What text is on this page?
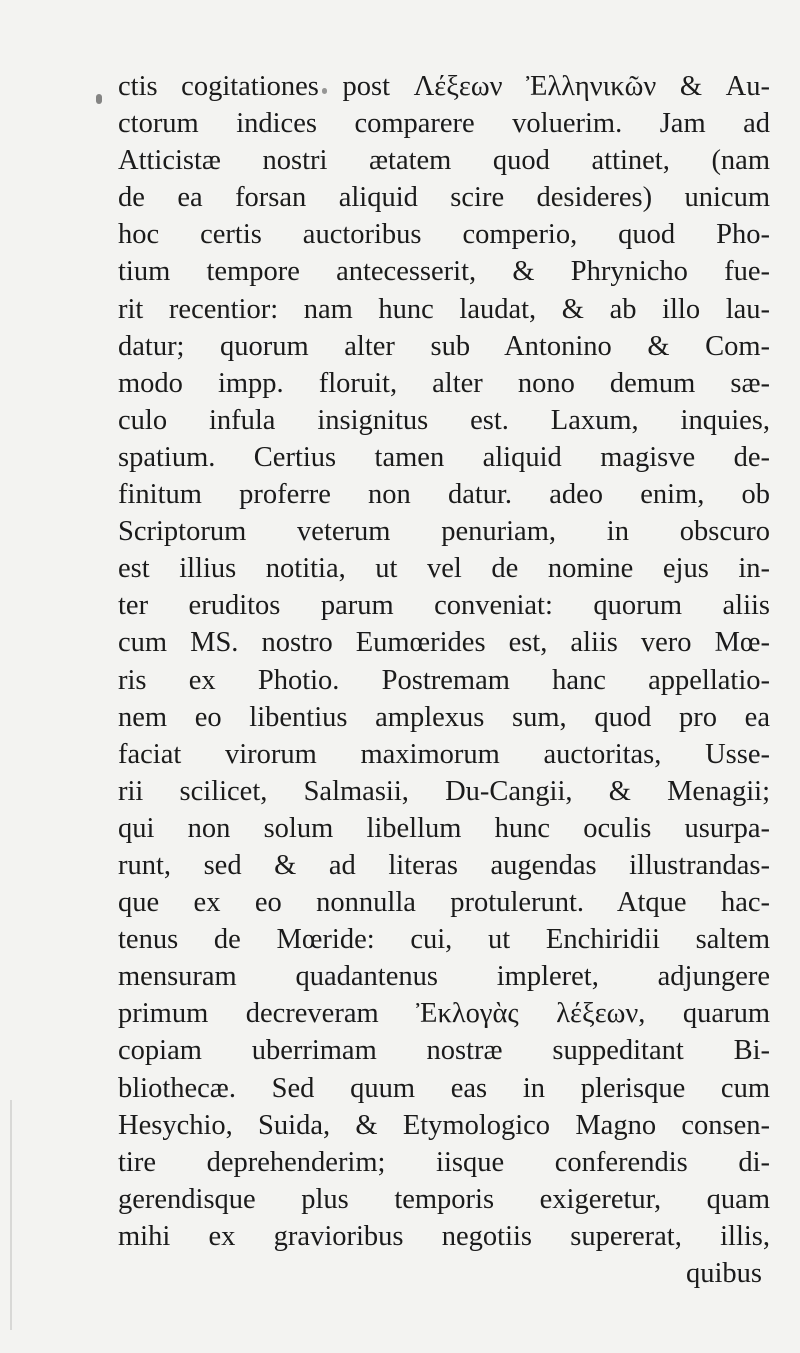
ctis cogitationes post Λέξεων Ἐλληνικῶν & Au-
ctorum indices comparere voluerim. Jam ad
Atticistæ nostri ætatem quod attinet, (nam
de ea forsan aliquid scire desideres) unicum
hoc certis auctoribus comperio, quod Pho-
tium tempore antecesserit, & Phrynicho fue-
rit recentior: nam hunc laudat, & ab illo lau-
datur; quorum alter sub Antonino & Com-
modo impp. floruit, alter nono demum sæ-
culo infula insignitus est. Laxum, inquies,
spatium. Certius tamen aliquid magisve de-
finitum proferre non datur. adeo enim, ob
Scriptorum veterum penuriam, in obscuro
est illius notitia, ut vel de nomine ejus in-
ter eruditos parum conveniat: quorum aliis
cum MS. nostro Eumœrides est, aliis vero Μœ-
ris ex Photio. Postremam hanc appellatio-
nem eo libentius amplexus sum, quod pro ea
faciat virorum maximorum auctoritas, Usse-
rii scilicet, Salmasii, Du-Cangii, & Menagii;
qui non solum libellum hunc oculis usurpa-
runt, sed & ad literas augendas illustrandas-
que ex eo nonnulla protulerunt. Atque hac-
tenus de Mœride: cui, ut Enchiridii saltem
mensuram quadantenus impleret, adjungere
primum decreveram Ἐκλογὰς λέξεων, quarum
copiam uberrimam nostræ suppeditant Bi-
bliothecæ. Sed quum eas in plerisque cum
Hesychio, Suida, & Etymologico Magno consen-
tire deprehenderim; iisque conferendis di-
gerendisque plus temporis exigeretur, quam
mihi ex gravioribus negotiis supererat, illis,
quibus
